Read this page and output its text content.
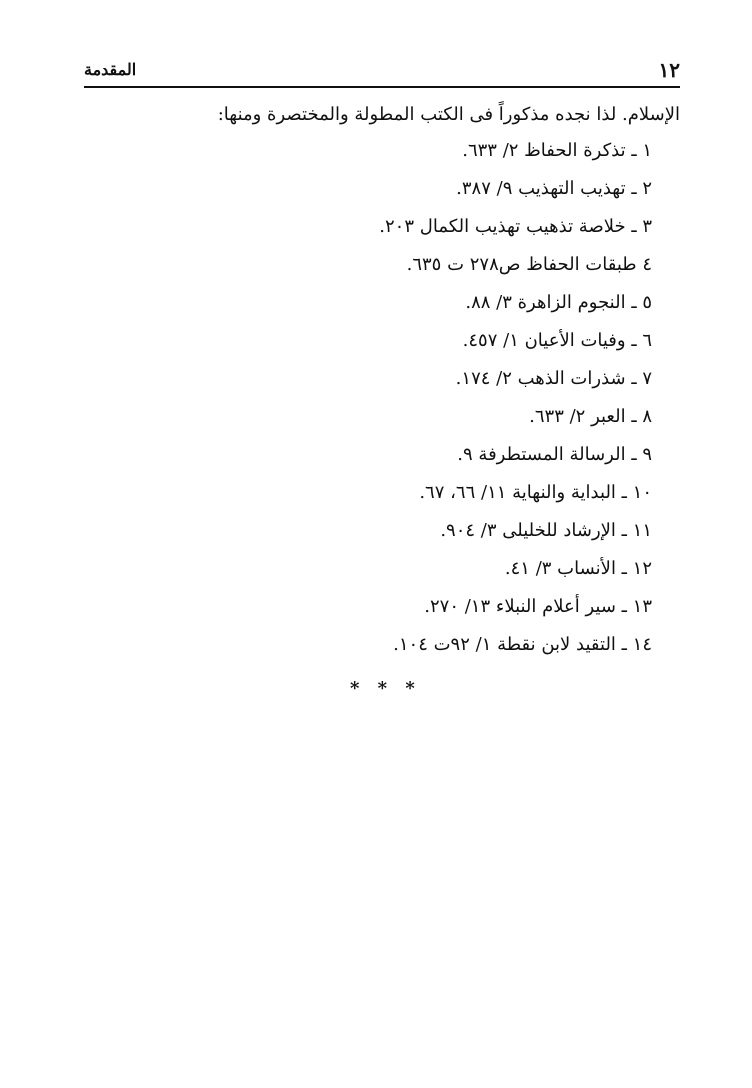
١٢
المقدمة

الإسلام. لذا نجده مذكوراً فى الكتب المطولة والمختصرة ومنها:

١ ـ تذكرة الحفاظ ٢/ ٦٣٣.
٢ ـ تهذيب التهذيب ٩/ ٣٨٧.
٣ ـ خلاصة تذهيب تهذيب الكمال ٢٠٣.
٤ طبقات الحفاظ ص٢٧٨ ت ٦٣٥.
٥ ـ النجوم الزاهرة ٣/ ٨٨.
٦ ـ وفيات الأعيان ١/ ٤٥٧.
٧ ـ شذرات الذهب ٢/ ١٧٤.
٨ ـ العبر ٢/ ٦٣٣.
٩ ـ الرسالة المستطرفة ٩.
١٠ ـ البداية والنهاية ١١/ ٦٦، ٦٧.
١١ ـ الإرشاد للخليلى ٣/ ٩٠٤.
١٢ ـ الأنساب ٣/ ٤١.
١٣ ـ سير أعلام النبلاء ١٣/ ٢٧٠.
١٤ ـ التقيد لابن نقطة ١/ ٩٢ت ١٠٤.
* * *
